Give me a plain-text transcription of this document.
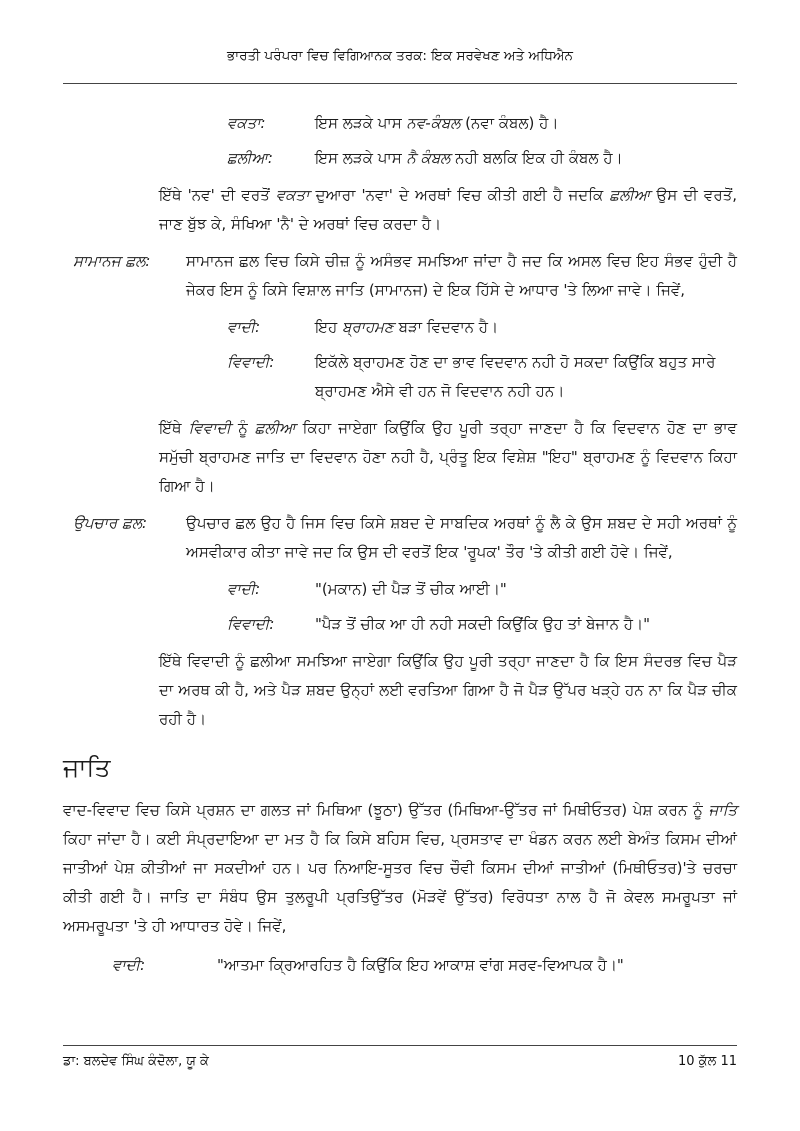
ਭਾਰਤੀ ਪਰੰਪਰਾ ਵਿਚ ਵਿਗਿਆਨਕ ਤਰਕ: ਇਕ ਸਰਵੇਖਣ ਅਤੇ ਅਧਿਐਨ
ਵਕਤਾ:	ਇਸ ਲੜਕੇ ਪਾਸ ਨਵ-ਕੰਬਲ (ਨਵਾ ਕੰਬਲ) ਹੈ।
ਛਲੀਆ:	ਇਸ ਲੜਕੇ ਪਾਸ ਨੈ ਕੰਬਲ ਨਹੀ ਬਲਕਿ ਇਕ ਹੀ ਕੰਬਲ ਹੈ।
ਇੱਥੇ 'ਨਵ' ਦੀ ਵਰਤੋਂ ਵਕਤਾ ਦੁਆਰਾ 'ਨਵਾ' ਦੇ ਅਰਥਾਂ ਵਿਚ ਕੀਤੀ ਗਈ ਹੈ ਜਦਕਿ ਛਲੀਆ ਉਸ ਦੀ ਵਰਤੋਂ, ਜਾਣ ਬੁੱਝ ਕੇ, ਸੰਖਿਆ 'ਨੈ' ਦੇ ਅਰਥਾਂ ਵਿਚ ਕਰਦਾ ਹੈ।
ਸਾਮਾਨਜ ਛਲ:	ਸਾਮਾਨਜ ਛਲ ਵਿਚ ਕਿਸੇ ਚੀਜ਼ ਨੂੰ ਅਸੰਭਵ ਸਮਝਿਆ ਜਾਂਦਾ ਹੈ ਜਦ ਕਿ ਅਸਲ ਵਿਚ ਇਹ ਸੰਭਵ ਹੁੰਦੀ ਹੈ ਜੇਕਰ ਇਸ ਨੂੰ ਕਿਸੇ ਵਿਸ਼ਾਲ ਜਾਤਿ (ਸਾਮਾਨਜ) ਦੇ ਇਕ ਹਿੱਸੇ ਦੇ ਆਧਾਰ 'ਤੇ ਲਿਆ ਜਾਵੇ। ਜਿਵੇਂ,
ਵਾਦੀ:	ਇਹ ਬ੍ਰਾਹਮਣ ਬੜਾ ਵਿਦਵਾਨ ਹੈ।
ਵਿਵਾਦੀ:	ਇਕੱਲੇ ਬ੍ਰਾਹਮਣ ਹੋਣ ਦਾ ਭਾਵ ਵਿਦਵਾਨ ਨਹੀ ਹੋ ਸਕਦਾ ਕਿਉਂਕਿ ਬਹੁਤ ਸਾਰੇ ਬ੍ਰਾਹਮਣ ਐਸੇ ਵੀ ਹਨ ਜੋ ਵਿਦਵਾਨ ਨਹੀ ਹਨ।
ਇੱਥੇ ਵਿਵਾਦੀ ਨੂੰ ਛਲੀਆ ਕਿਹਾ ਜਾਏਗਾ ਕਿਉਂਕਿ ਉਹ ਪੂਰੀ ਤਰ੍ਹਾ ਜਾਣਦਾ ਹੈ ਕਿ ਵਿਦਵਾਨ ਹੋਣ ਦਾ ਭਾਵ ਸਮੁੱਚੀ ਬ੍ਰਾਹਮਣ ਜਾਤਿ ਦਾ ਵਿਦਵਾਨ ਹੋਣਾ ਨਹੀ ਹੈ, ਪ੍ਰੰਤੂ ਇਕ ਵਿਸ਼ੇਸ਼ "ਇਹ" ਬ੍ਰਾਹਮਣ ਨੂੰ ਵਿਦਵਾਨ ਕਿਹਾ ਗਿਆ ਹੈ।
ਉਪਚਾਰ ਛਲ:	ਉਪਚਾਰ ਛਲ ਉਹ ਹੈ ਜਿਸ ਵਿਚ ਕਿਸੇ ਸ਼ਬਦ ਦੇ ਸਾਬਦਿਕ ਅਰਥਾਂ ਨੂੰ ਲੈ ਕੇ ਉਸ ਸ਼ਬਦ ਦੇ ਸਹੀ ਅਰਥਾਂ ਨੂੰ ਅਸਵੀਕਾਰ ਕੀਤਾ ਜਾਵੇ ਜਦ ਕਿ ਉਸ ਦੀ ਵਰਤੋਂ ਇਕ 'ਰੂਪਕ' ਤੌਰ 'ਤੇ ਕੀਤੀ ਗਈ ਹੋਵੇ। ਜਿਵੇਂ,
ਵਾਦੀ:	"(ਮਕਾਨ) ਦੀ ਪੈੜ ਤੋਂ ਚੀਕ ਆਈ।"
ਵਿਵਾਦੀ:	"ਪੈੜ ਤੋਂ ਚੀਕ ਆ ਹੀ ਨਹੀ ਸਕਦੀ ਕਿਉਂਕਿ ਉਹ ਤਾਂ ਬੇਜਾਨ ਹੈ।"
ਇੱਥੇ ਵਿਵਾਦੀ ਨੂੰ ਛਲੀਆ ਸਮਝਿਆ ਜਾਏਗਾ ਕਿਉਂਕਿ ਉਹ ਪੂਰੀ ਤਰ੍ਹਾ ਜਾਣਦਾ ਹੈ ਕਿ ਇਸ ਸੰਦਰਭ ਵਿਚ ਪੈੜ ਦਾ ਅਰਥ ਕੀ ਹੈ, ਅਤੇ ਪੈੜ ਸ਼ਬਦ ਉਨ੍ਹਾਂ ਲਈ ਵਰਤਿਆ ਗਿਆ ਹੈ ਜੋ ਪੈੜ ਉੱਪਰ ਖੜ੍ਹੇ ਹਨ ਨਾ ਕਿ ਪੈੜ ਚੀਕ ਰਹੀ ਹੈ।
ਜਾਤਿ
ਵਾਦ-ਵਿਵਾਦ ਵਿਚ ਕਿਸੇ ਪ੍ਰਸ਼ਨ ਦਾ ਗਲਤ ਜਾਂ ਮਿਥਿਆ (ਝੂਠਾ) ਉੱਤਰ (ਮਿਥਿਆ-ਉੱਤਰ ਜਾਂ ਮਿਥੀਓਤਰ) ਪੇਸ਼ ਕਰਨ ਨੂੰ ਜਾਤਿ ਕਿਹਾ ਜਾਂਦਾ ਹੈ। ਕਈ ਸੰਪ੍ਰਦਾਇਆ ਦਾ ਮਤ ਹੈ ਕਿ ਕਿਸੇ ਬਹਿਸ ਵਿਚ, ਪ੍ਰਸਤਾਵ ਦਾ ਖੰਡਨ ਕਰਨ ਲਈ ਬੇਅੰਤ ਕਿਸਮ ਦੀਆਂ ਜਾਤੀਆਂ ਪੇਸ਼ ਕੀਤੀਆਂ ਜਾ ਸਕਦੀਆਂ ਹਨ। ਪਰ ਨਿਆਇ-ਸੂਤਰ ਵਿਚ ਚੌਵੀ ਕਿਸਮ ਦੀਆਂ ਜਾਤੀਆਂ (ਮਿਥੀਓਤਰ)'ਤੇ ਚਰਚਾ ਕੀਤੀ ਗਈ ਹੈ। ਜਾਤਿ ਦਾ ਸੰਬੰਧ ਉਸ ਤੁਲਰੂਪੀ ਪ੍ਰਤਿਉੱਤਰ (ਮੋੜਵੇਂ ਉੱਤਰ) ਵਿਰੋਧਤਾ ਨਾਲ ਹੈ ਜੋ ਕੇਵਲ ਸਮਰੂਪਤਾ ਜਾਂ ਅਸਮਰੂਪਤਾ 'ਤੇ ਹੀ ਆਧਾਰਤ ਹੋਵੇ। ਜਿਵੇਂ,
ਵਾਦੀ:	"ਆਤਮਾ ਕ੍ਰਿਆਰਹਿਤ ਹੈ ਕਿਉਂਕਿ ਇਹ ਆਕਾਸ਼ ਵਾਂਗ ਸਰਵ-ਵਿਆਪਕ ਹੈ।"
ਡਾ: ਬਲਦੇਵ ਸਿੰਘ ਕੰਦੋਲਾ, ਯੂ ਕੇ	10 ਕੁੱਲ 11
